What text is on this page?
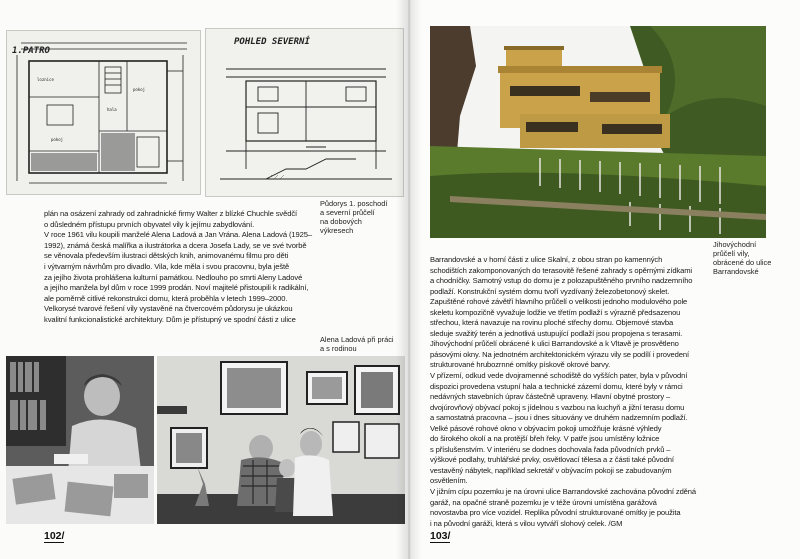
loznice
hala
pokoj
pokoj
1.PATRO
POHLED SEVERNÍ
Půdorys 1. poschodí
a severní průčelí
na dobových
výkresech

plán na osázení zahrady od zahradnické firmy Walter z blízké Chuchle svědčí

o důsledném přístupu prvních obyvatel vily k jejímu zabydlování.

V roce 1961 vilu koupili manželé Alena Ladová a Jan Vrána. Alena Ladová (1925–

1992), známá česká malířka a ilustrátorka a dcera Josefa Lady, se ve své tvorbě

se věnovala především ilustraci dětských knih, animovanému filmu pro děti

i výtvarným návrhům pro divadlo. Vila, kde měla i svou pracovnu, byla ještě

za jejího života prohlášena kulturní památkou. Nedlouho po smrti Aleny Ladové

a jejího manžela byl dům v roce 1999 prodán. Noví majitelé přistoupili k radikální,

ale poměrně citlivé rekonstrukci domu, která proběhla v letech 1999–2000.

Velkorysé tvarové řešení vily vystavěné na čtvercovém půdorysu je ukázkou

kvalitní funkcionalistické architektury. Dům je přístupný ve spodní části z ulice

Alena Ladová při práci
a s rodinou
102/
Jihovýchodní
průčelí vily,
obrácené do ulice
Barrandovské

Barrandovské a v horní části z ulice Skalní, z obou stran po kamenných

schodištích zakomponovaných do terasovitě řešené zahrady s opěrnými zídkami

a chodníčky. Samotný vstup do domu je z polozapuštěného prvního nadzemního

podlaží. Konstrukční systém domu tvoří vyzdívaný železobetonový skelet.

Zapuštěné rohové závětří hlavního průčelí o velikosti jednoho modulového pole

skeletu kompozičně vyvažuje lodžie ve třetím podlaží s výrazně předsazenou

střechou, která navazuje na rovinu ploché střechy domu. Objemové stavba

sleduje svažitý terén a jednotlivá ustupující podlaží jsou propojena s terasami.

Jihovýchodní průčelí obrácené k ulici Barrandovské a k Vltavě je prosvětleno

pásovými okny. Na jednotném architektonickém výrazu vily se podílí i provedení

strukturované hrubozrnné omítky pískově okrové barvy.

V přízemí, odkud vede dvojramenné schodiště do vyšších pater, byla v původní

dispozici provedena vstupní hala a technické zázemí domu, které byly v rámci

nedávných stavebních úprav částečně upraveny. Hlavní obytné prostory –

dvojúrovňový obývací pokoj s jídelnou s vazbou na kuchyň a jižní terasu domu

a samostatná pracovna – jsou i dnes situovány ve druhém nadzemním podlaží.

Velké pásové rohové okno v obývacím pokoji umožňuje krásné výhledy

do širokého okolí a na protější břeh řeky. V patře jsou umístěny ložnice

s příslušenstvím. V interiéru se dodnes dochovala řada původních prvků –

výškové podlahy, truhlářské prvky, osvětlovací tělesa a z části také původní

vestavěný nábytek, například sekretář v obývacím pokoji se zabudovaným

osvětlením.

V jižním cípu pozemku je na úrovni ulice Barrandovské zachována původní zděná

garáž, na opačné straně pozemku je v téže úrovni umístěna garážová

novostavba pro více vozidel. Replika původní strukturované omítky je použita

i na původní garáži, která s vilou vytváří slohový celek. /GM

103/
